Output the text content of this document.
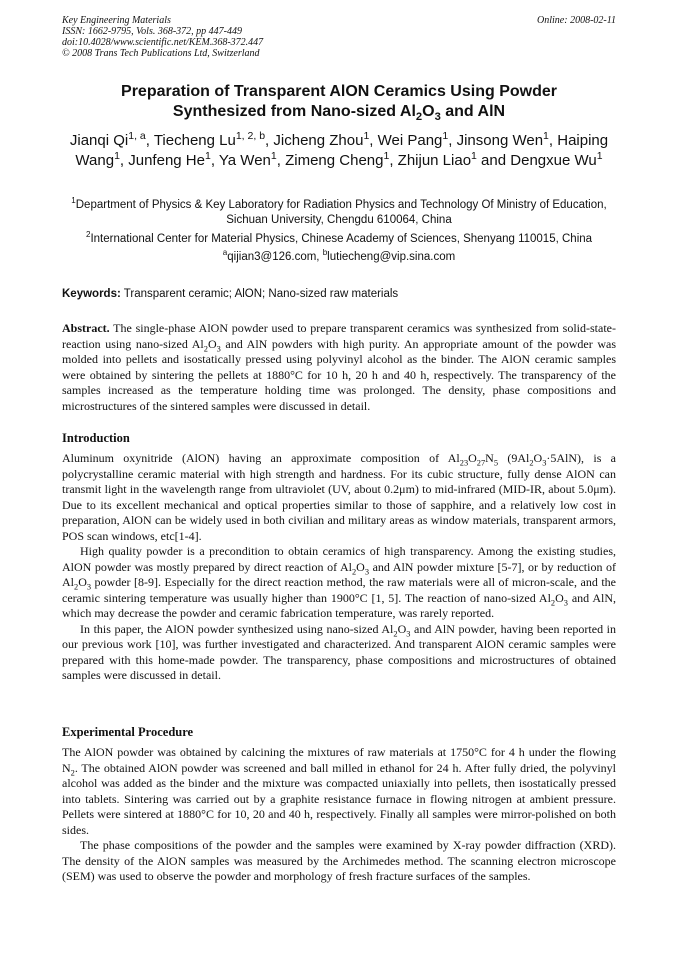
Key Engineering Materials
ISSN: 1662-9795, Vols. 368-372, pp 447-449
doi:10.4028/www.scientific.net/KEM.368-372.447
© 2008 Trans Tech Publications Ltd, Switzerland
Online: 2008-02-11
Preparation of Transparent AlON Ceramics Using Powder
Synthesized from Nano-sized $Al_2O_3$ and AlN
Jianqi Qi$^{1, a}$, Tiecheng Lu$^{1, 2, b}$, Jicheng Zhou$^1$, Wei Pang$^1$, Jinsong Wen$^1$, Haiping Wang$^1$, Junfeng He$^1$, Ya Wen$^1$, Zimeng Cheng$^1$, Zhijun Liao$^1$ and Dengxue Wu$^1$
$^1$Department of Physics & Key Laboratory for Radiation Physics and Technology Of Ministry of Education, Sichuan University, Chengdu 610064, China
$^2$International Center for Material Physics, Chinese Academy of Sciences, Shenyang 110015, China
$^a$qijian3@126.com, $^b$lutiecheng@vip.sina.com
Keywords: Transparent ceramic; AlON; Nano-sized raw materials

Abstract. The single-phase AlON powder used to prepare transparent ceramics was synthesized from solid-state-reaction using nano-sized $Al_2O_3$ and AlN powders with high purity. An appropriate amount of the powder was molded into pellets and isostatically pressed using polyvinyl alcohol as the binder. The AlON ceramic samples were obtained by sintering the pellets at 1880°C for 10 h, 20 h and 40 h, respectively. The transparency of the samples increased as the temperature holding time was prolonged. The density, phase compositions and microstructures of the sintered samples were discussed in detail.

Introduction

Aluminum oxynitride (AlON) having an approximate composition of $Al_{23}O_{27}N_5$ $(9Al_2O_3\cdot 5AlN)$, is a polycrystalline ceramic material with high strength and hardness. For its cubic structure, fully dense AlON can transmit light in the wavelength range from ultraviolet (UV, about 0.2μm) to mid-infrared (MID-IR, about 5.0μm). Due to its excellent mechanical and optical properties similar to those of sapphire, and a relatively low cost in preparation, AlON can be widely used in both civilian and military areas as window materials, transparent armors, POS scan windows, etc[1-4].

High quality powder is a precondition to obtain ceramics of high transparency. Among the existing studies, AlON powder was mostly prepared by direct reaction of $Al_2O_3$ and AlN powder mixture [5-7], or by reduction of $Al_2O_3$ powder [8-9]. Especially for the direct reaction method, the raw materials were all of micron-scale, and the ceramic sintering temperature was usually higher than 1900°C [1, 5]. The reaction of nano-sized $Al_2O_3$ and AlN, which may decrease the powder and ceramic fabrication temperature, was rarely reported.

In this paper, the AlON powder synthesized using nano-sized $Al_2O_3$ and AlN powder, having been reported in our previous work [10], was further investigated and characterized. And transparent AlON ceramic samples were prepared with this home-made powder. The transparency, phase compositions and microstructures of obtained samples were discussed in detail.

Experimental Procedure

The AlON powder was obtained by calcining the mixtures of raw materials at 1750°C for 4 h under the flowing $N_2$. The obtained AlON powder was screened and ball milled in ethanol for 24 h. After fully dried, the polyvinyl alcohol was added as the binder and the mixture was compacted uniaxially into pellets, then isostatically pressed into tablets. Sintering was carried out by a graphite resistance furnace in flowing nitrogen at ambient pressure. Pellets were sintered at 1880°C for 10, 20 and 40 h, respectively. Finally all samples were mirror-polished on both sides.

The phase compositions of the powder and the samples were examined by X-ray powder diffraction (XRD). The density of the AlON samples was measured by the Archimedes method. The scanning electron microscope (SEM) was used to observe the powder and morphology of fresh fracture surfaces of the samples.
